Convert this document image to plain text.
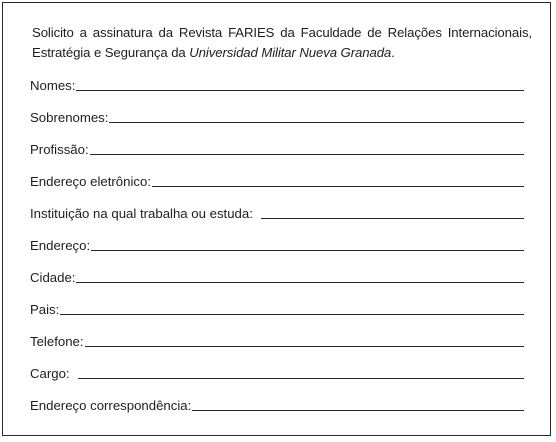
Solicito a assinatura da Revista FARIES da Faculdade de Relações Internacionais,
Estratégia e Segurança da Universidad Militar Nueva Granada.

Nomes:
Sobrenomes:
Profissão:
Endereço eletrônico:
Instituição na qual trabalha ou estuda:
Endereço:
Cidade:
Pais:
Telefone:
Cargo:
Endereço correspondência:
